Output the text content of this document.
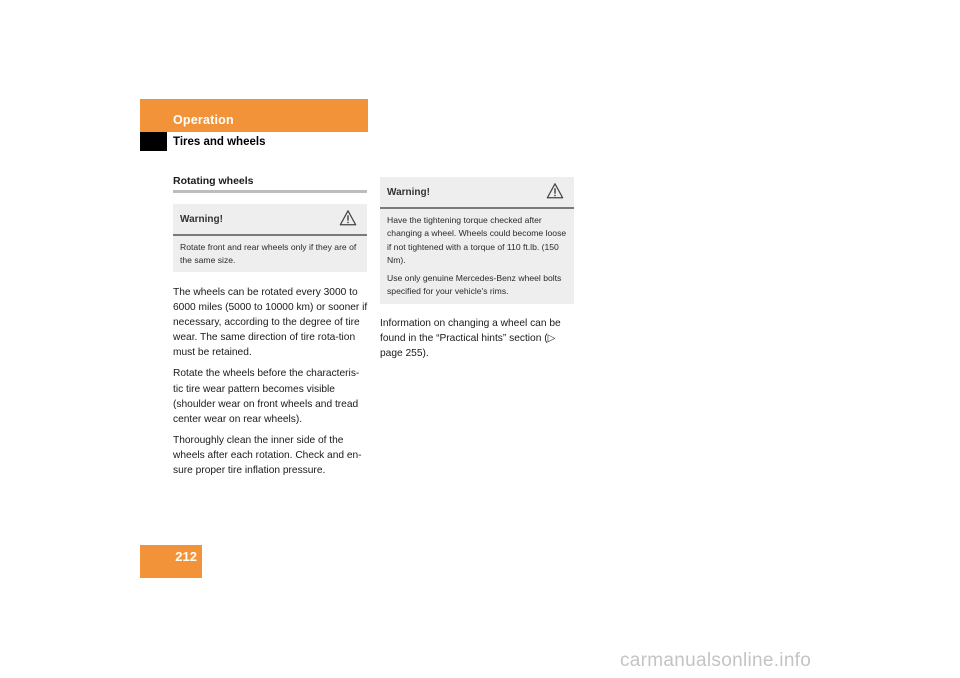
Operation
Tires and wheels
Rotating wheels
Warning!
Rotate front and rear wheels only if they are of the same size.

The wheels can be rotated every 3000 to 6000 miles (5000 to 10000 km) or sooner if necessary, according to the degree of tire wear. The same direction of tire rota-tion must be retained.

Rotate the wheels before the characteris-tic tire wear pattern becomes visible (shoulder wear on front wheels and tread center wear on rear wheels).

Thoroughly clean the inner side of the wheels after each rotation. Check and en-sure proper tire inflation pressure.

Warning!

Have the tightening torque checked after changing a wheel. Wheels could become loose if not tightened with a torque of 110 ft.lb. (150 Nm).

Use only genuine Mercedes-Benz wheel bolts specified for your vehicle's rims.

Information on changing a wheel can be found in the “Practical hints” section (▷ page 255).

212
carmanualsonline.info
